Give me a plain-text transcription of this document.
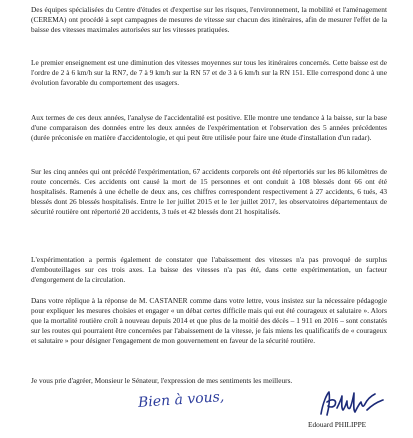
Des équipes spécialisées du Centre d'études et d'expertise sur les risques, l'environnement, la mobilité et l'aménagement (CEREMA) ont procédé à sept campagnes de mesures de vitesse sur chacun des itinéraires, afin de mesurer l'effet de la baisse des vitesses maximales autorisées sur les vitesses pratiquées.

Le premier enseignement est une diminution des vitesses moyennes sur tous les itinéraires concernés. Cette baisse est de l'ordre de 2 à 6 km/h sur la RN7, de 7 à 9 km/h sur la RN 57 et de 3 à 6 km/h sur la RN 151. Elle correspond donc à une évolution favorable du comportement des usagers.

Aux termes de ces deux années, l'analyse de l'accidentalité est positive. Elle montre une tendance à la baisse, sur la base d'une comparaison des données entre les deux années de l'expérimentation et l'observation des 5 années précédentes (durée préconisée en matière d'accidentologie, et qui peut être utilisée pour faire une étude d'installation d'un radar).

Sur les cinq années qui ont précédé l'expérimentation, 67 accidents corporels ont été répertoriés sur les 86 kilomètres de route concernés. Ces accidents ont causé la mort de 15 personnes et ont conduit à 108 blessés dont 66 ont été hospitalisés. Ramenés à une échelle de deux ans, ces chiffres correspondent respectivement à 27 accidents, 6 tués, 43 blessés dont 26 blessés hospitalisés. Entre le 1er juillet 2015 et le 1er juillet 2017, les observatoires départementaux de sécurité routière ont répertorié 20 accidents, 3 tués et 42 blessés dont 21 hospitalisés.

L'expérimentation a permis également de constater que l'abaissement des vitesses n'a pas provoqué de surplus d'embouteillages sur ces trois axes. La baisse des vitesses n'a pas été, dans cette expérimentation, un facteur d'engorgement de la circulation.

Dans votre réplique à la réponse de M. CASTANER comme dans votre lettre, vous insistez sur la nécessaire pédagogie pour expliquer les mesures choisies et engager « un débat certes difficile mais qui eut été courageux et salutaire ». Alors que la mortalité routière croît à nouveau depuis 2014 et que plus de la moitié des décès – 1 911 en 2016 – sont constatés sur les routes qui pourraient être concernées par l'abaissement de la vitesse, je fais miens les qualificatifs de « courageux et salutaire » pour désigner l'engagement de mon gouvernement en faveur de la sécurité routière.

Je vous prie d'agréer, Monsieur le Sénateur, l'expression de mes sentiments les meilleurs.

Bien à vous,
Edouard PHILIPPE
